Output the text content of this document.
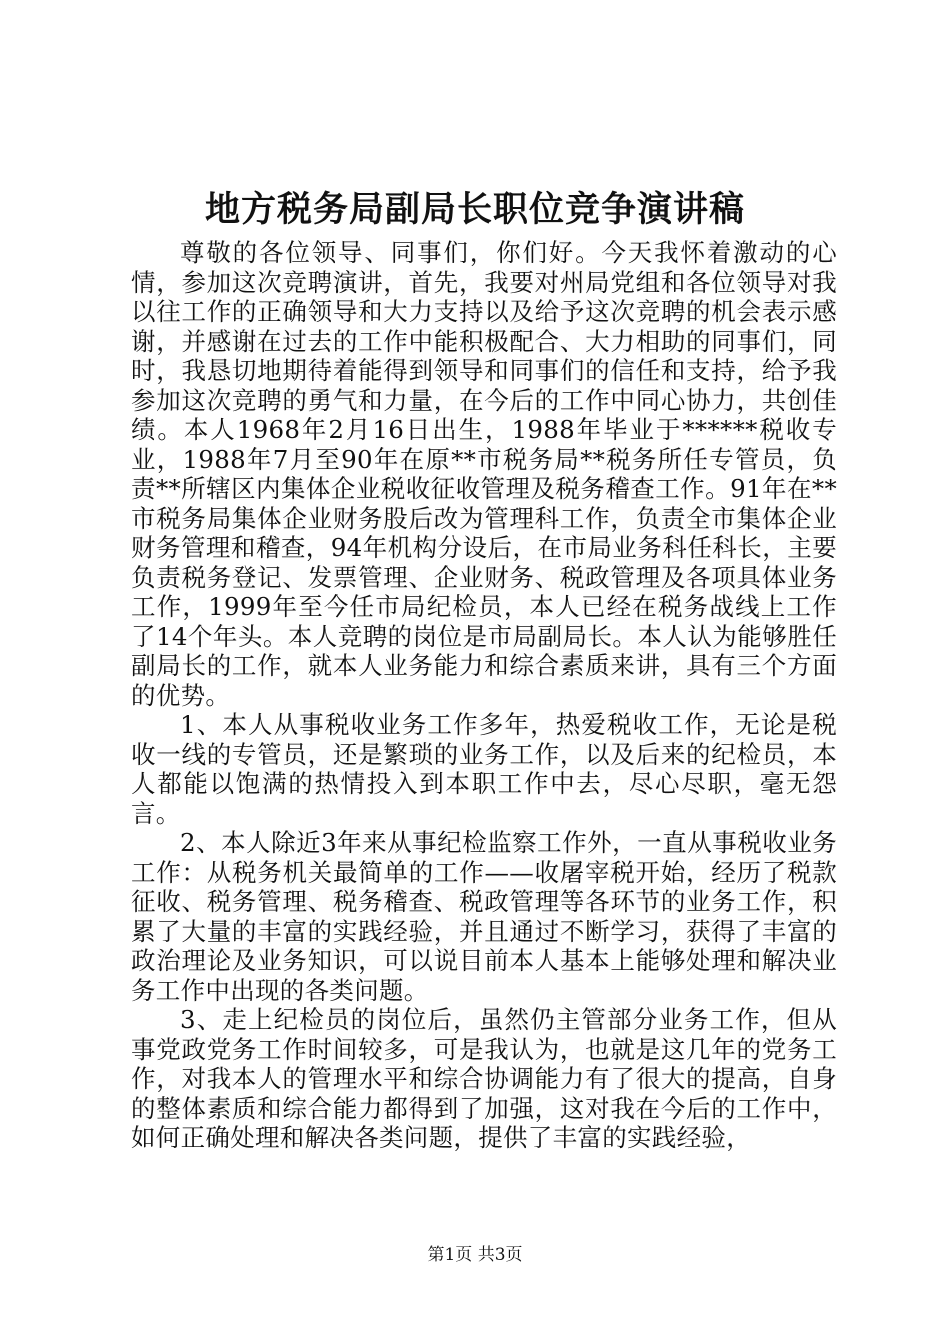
地方税务局副局长职位竞争演讲稿

尊敬的各位领导、同事们，你们好。今天我怀着激动的心情，参加这次竞聘演讲，首先，我要对州局党组和各位领导对我以往工作的正确领导和大力支持以及给予这次竞聘的机会表示感谢，并感谢在过去的工作中能积极配合、大力相助的同事们，同时，我恳切地期待着能得到领导和同事们的信任和支持，给予我参加这次竞聘的勇气和力量，在今后的工作中同心协力，共创佳绩。本人1968年2月16日出生，1988年毕业于******税收专业，1988年7月至90年在原**市税务局**税务所任专管员，负责**所辖区内集体企业税收征收管理及税务稽查工作。91年在**市税务局集体企业财务股后改为管理科工作，负责全市集体企业财务管理和稽查，94年机构分设后，在市局业务科任科长，主要负责税务登记、发票管理、企业财务、税政管理及各项具体业务工作，1999年至今任市局纪检员，本人已经在税务战线上工作了14个年头。本人竞聘的岗位是市局副局长。本人认为能够胜任副局长的工作，就本人业务能力和综合素质来讲，具有三个方面的优势。

1、本人从事税收业务工作多年，热爱税收工作，无论是税收一线的专管员，还是繁琐的业务工作，以及后来的纪检员，本人都能以饱满的热情投入到本职工作中去，尽心尽职，毫无怨言。

2、本人除近3年来从事纪检监察工作外，一直从事税收业务工作：从税务机关最简单的工作——收屠宰税开始，经历了税款征收、税务管理、税务稽查、税政管理等各环节的业务工作，积累了大量的丰富的实践经验，并且通过不断学习，获得了丰富的政治理论及业务知识，可以说目前本人基本上能够处理和解决业务工作中出现的各类问题。

3、走上纪检员的岗位后，虽然仍主管部分业务工作，但从事党政党务工作时间较多，可是我认为，也就是这几年的党务工作，对我本人的管理水平和综合协调能力有了很大的提高，自身的整体素质和综合能力都得到了加强，这对我在今后的工作中，如何正确处理和解决各类问题，提供了丰富的实践经验，

第1页 共3页
